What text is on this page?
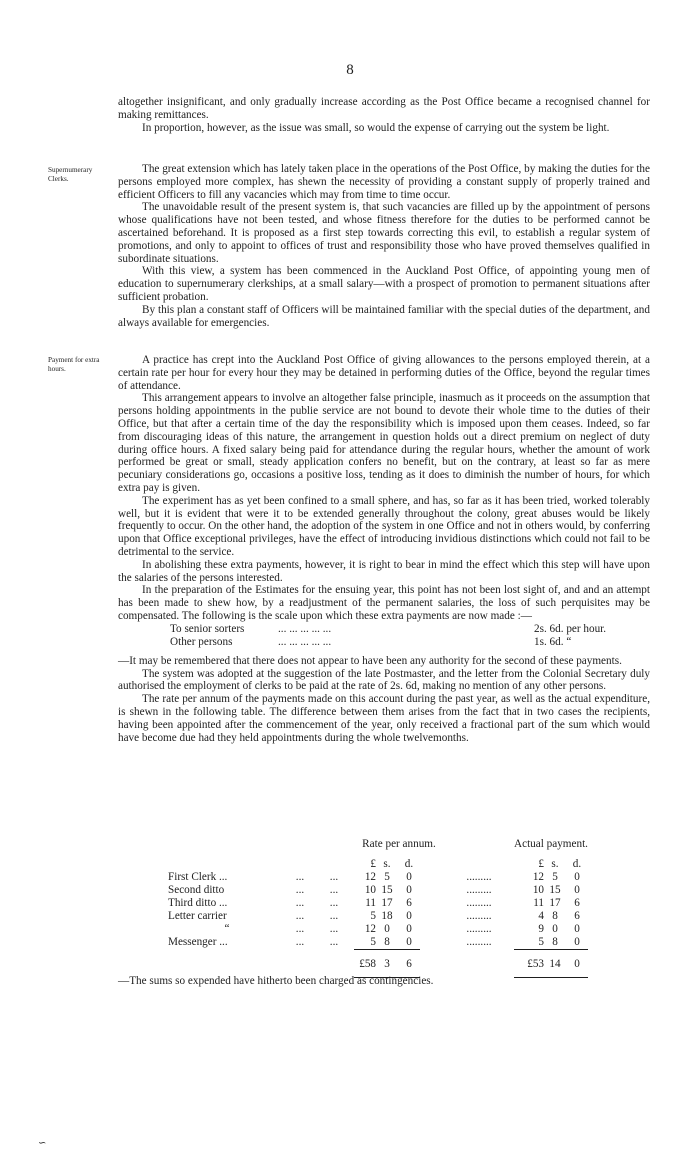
8

altogether insignificant, and only gradually increase according as the Post Office became a recognised channel for making remittances.

In proportion, however, as the issue was small, so would the expense of carrying out the system be light.

Supernumerary Clerks.

The great extension which has lately taken place in the operations of the Post Office, by making the duties for the persons employed more complex, has shewn the necessity of providing a constant supply of properly trained and efficient Officers to fill any vacancies which may from time to time occur.

The unavoidable result of the present system is, that such vacancies are filled up by the appointment of persons whose qualifications have not been tested, and whose fitness therefore for the duties to be performed cannot be ascertained beforehand. It is proposed as a first step towards correcting this evil, to establish a regular system of promotions, and only to appoint to offices of trust and responsibility those who have proved themselves qualified in subordinate situations.

With this view, a system has been commenced in the Auckland Post Office, of appointing young men of education to supernumerary clerkships, at a small salary—with a prospect of promotion to permanent situations after sufficient probation.

By this plan a constant staff of Officers will be maintained familiar with the special duties of the department, and always available for emergencies.

Payment for extra hours.

A practice has crept into the Auckland Post Office of giving allowances to the persons employed therein, at a certain rate per hour for every hour they may be detained in performing duties of the Office, beyond the regular times of attendance.

This arrangement appears to involve an altogether false principle, inasmuch as it proceeds on the assumption that persons holding appointments in the publie service are not bound to devote their whole time to the duties of their Office, but that after a certain time of the day the responsibility which is imposed upon them ceases. Indeed, so far from discouraging ideas of this nature, the arrangement in question holds out a direct premium on neglect of duty during office hours. A fixed salary being paid for attendance during the regular hours, whether the amount of work performed be great or small, steady application confers no benefit, but on the contrary, at least so far as mere pecuniary considerations go, occasions a positive loss, tending as it does to diminish the number of hours, for which extra pay is given.

The experiment has as yet been confined to a small sphere, and has, so far as it has been tried, worked tolerably well, but it is evident that were it to be extended generally throughout the colony, great abuses would be likely frequently to occur. On the other hand, the adoption of the system in one Office and not in others would, by conferring upon that Office exceptional privileges, have the effect of introducing invidious distinctions which could not fail to be detrimental to the service.

In abolishing these extra payments, however, it is right to bear in mind the effect which this step will have upon the salaries of the persons interested.

In the preparation of the Estimates for the ensuing year, this point has not been lost sight of, and and an attempt has been made to shew how, by a readjustment of the permanent salaries, the loss of such perquisites may be compensated. The following is the scale upon which these extra payments are now made :—

To senior sorters	... ... ... ... ...	2s. 6d. per hour.
Other persons	... ... ... ... ...	1s. 6d. “

—It may be remembered that there does not appear to have been any authority for the second of these payments.

The system was adopted at the suggestion of the late Postmaster, and the letter from the Colonial Secretary duly authorised the employment of clerks to be paid at the rate of 2s. 6d, making no mention of any other persons.

The rate per annum of the payments made on this account during the past year, as well as the actual expenditure, is shewn in the following table. The difference between them arises from the fact that in two cases the recipients, having been appointed after the commencement of the year, only received a fractional part of the sum which would have become due had they held appointments during the whole twelvemonths.

				Rate per annum.					Actual payment.			

				£	s.	d.			£	s.	d.	
	First Clerk ...	...	...	12	5	0		.........	12	5	0	
	Second ditto	...	...	10	15	0		.........	10	15	0	
	Third ditto ...	...	...	11	17	6		.........	11	17	6	
	Letter carrier	...	...	5	18	0		.........	4	8	6	
	“	...	...	12	0	0		.........	9	0	0	
	Messenger ...	...	...	5	8	0		.........	5	8	0	

				£58	3	6			£53	14	0	
—The sums so expended have hitherto been charged as contingencies.
∽
